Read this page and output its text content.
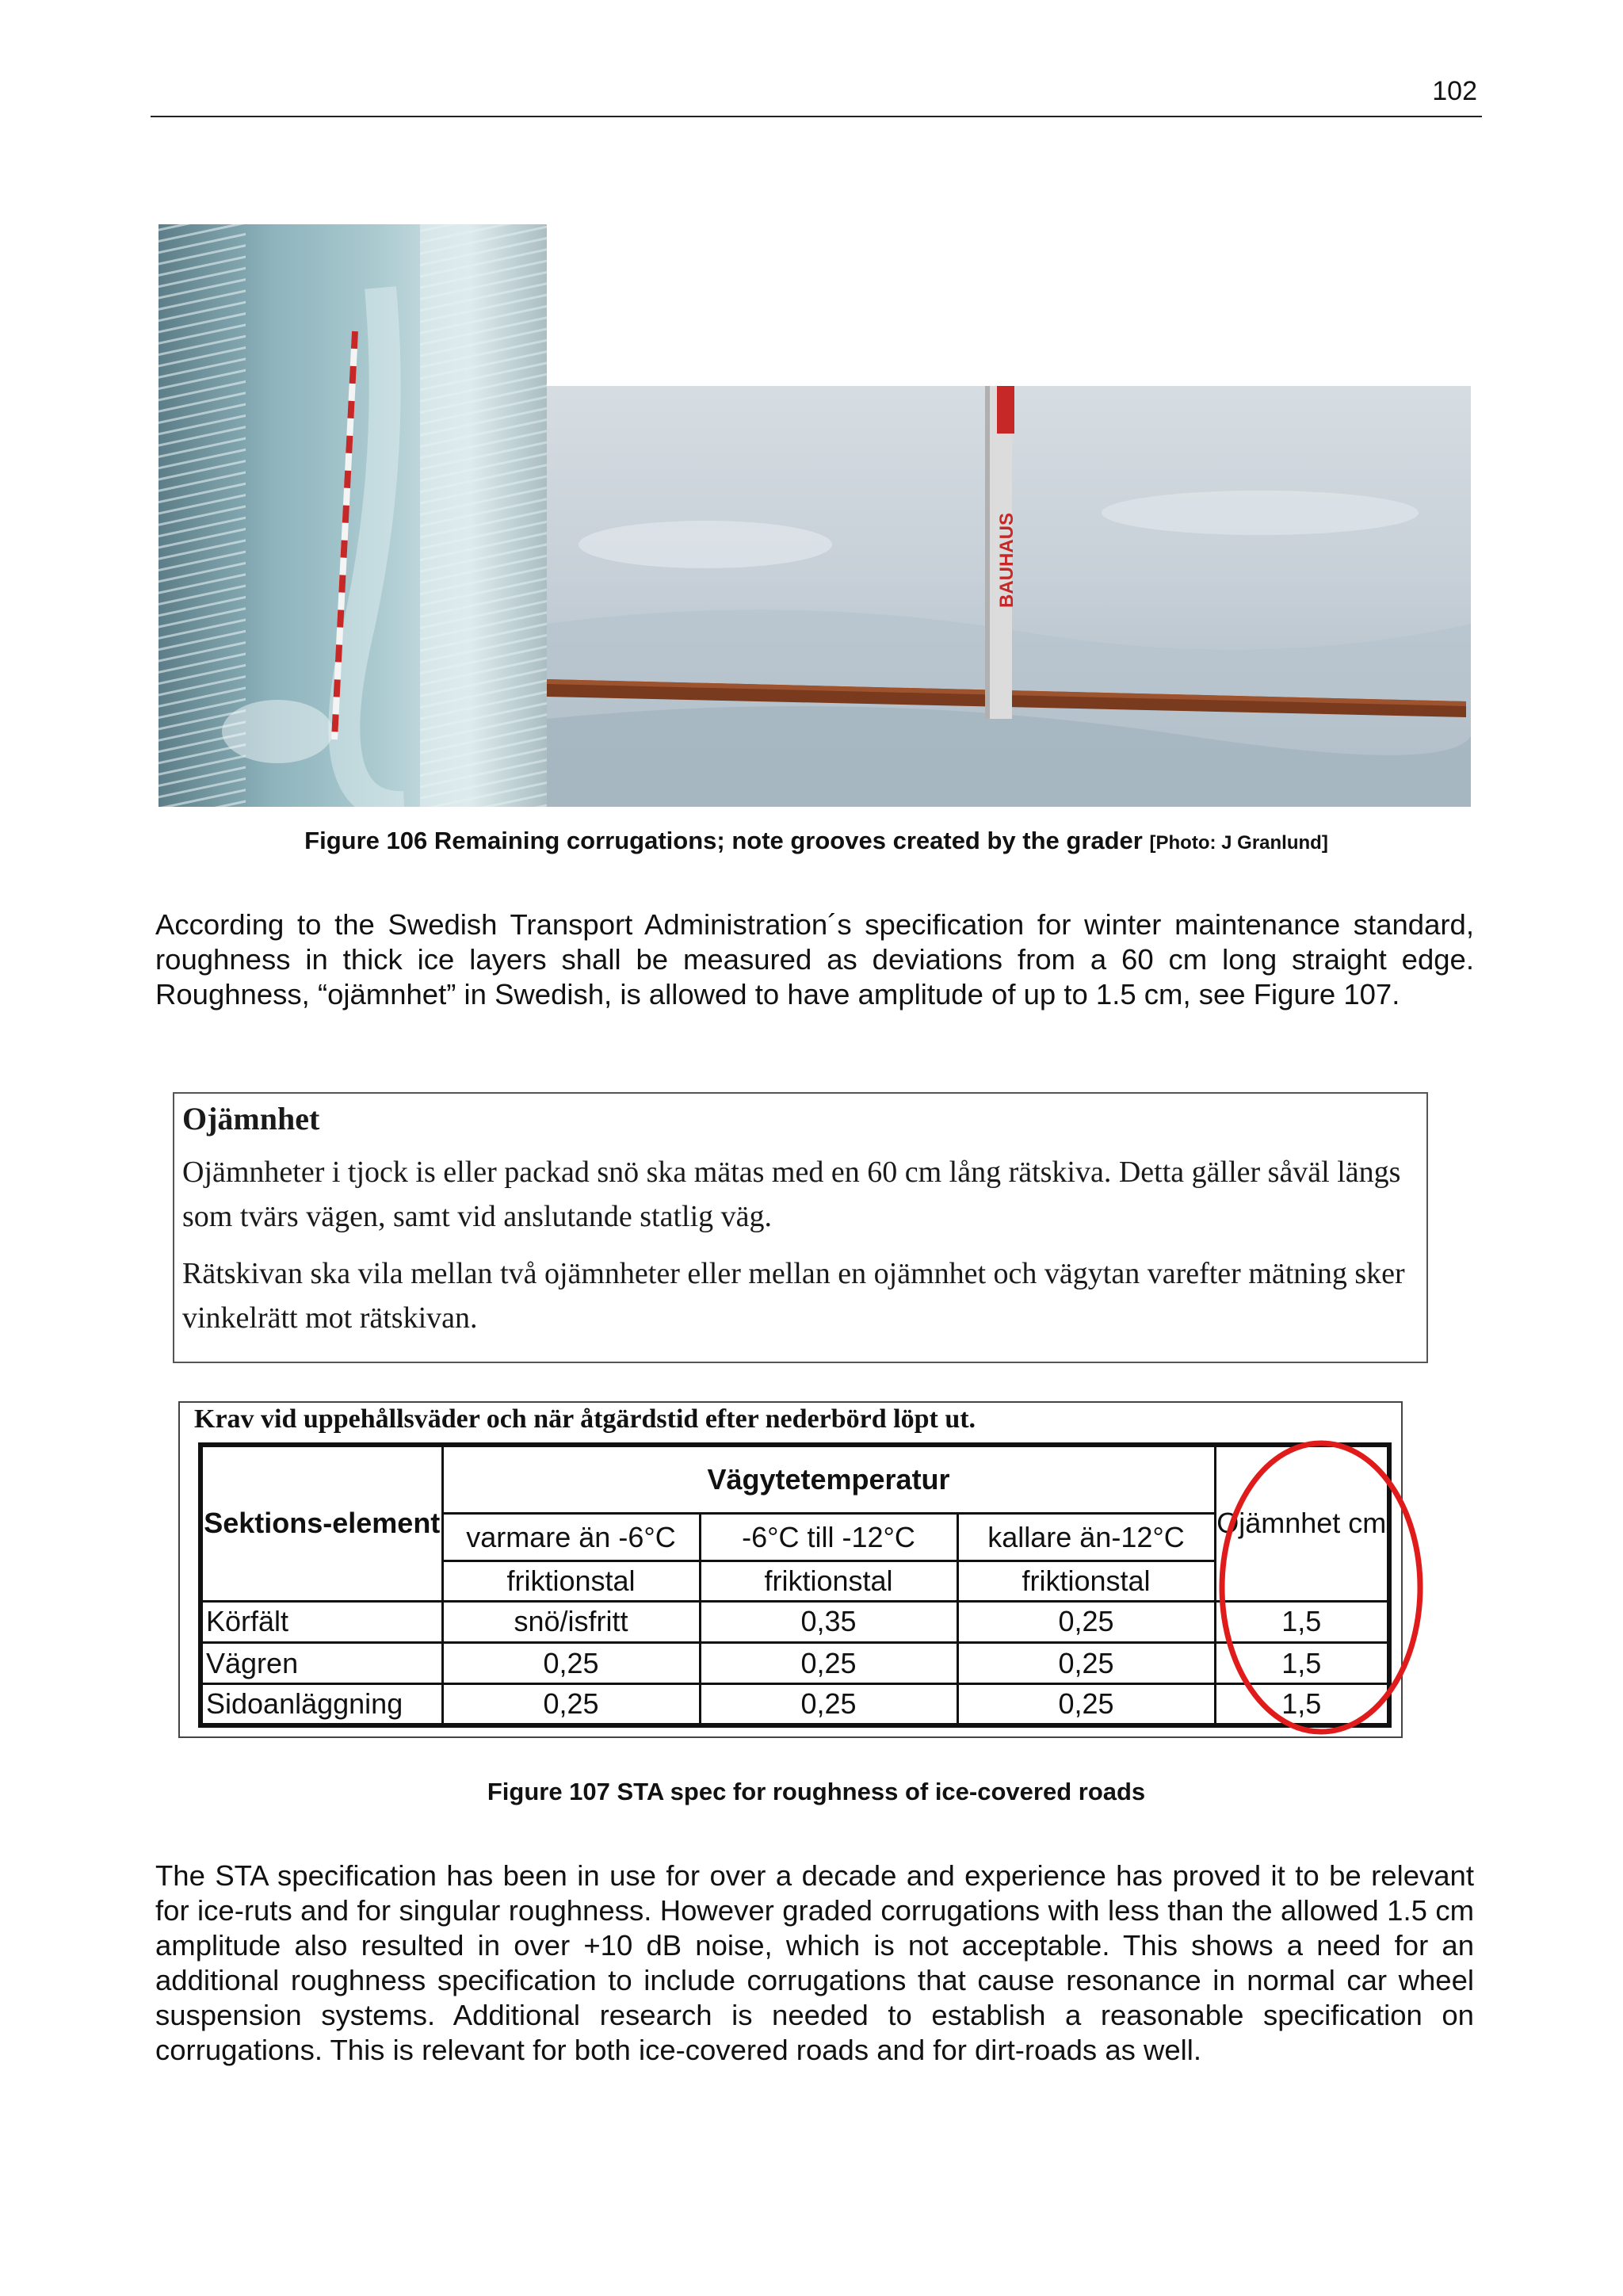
102
BAUHAUS
Figure 106 Remaining corrugations; note grooves created by the grader [Photo: J Granlund]
According to the Swedish Transport Administration´s specification for winter maintenance standard, roughness in thick ice layers shall be measured as deviations from a 60 cm long straight edge. Roughness, “ojämnhet” in Swedish, is allowed to have amplitude of up to 1.5 cm, see Figure 107.

Ojämnhet

Ojämnheter i tjock is eller packad snö ska mätas med en 60 cm lång rätskiva. Detta gäller såväl längs som tvärs vägen, samt vid anslutande statlig väg.

Rätskivan ska vila mellan två ojämnheter eller mellan en ojämnhet och vägytan varefter mätning sker vinkelrätt mot rätskivan.

Krav vid uppehållsväder och när åtgärdstid efter nederbörd löpt ut.
Sektions-element	Vägytetemperatur			Ojämnhet cm
	varmare än -6°C	-6°C till -12°C	kallare än-12°C	
	friktionstal	friktionstal	friktionstal	
Körfält	snö/isfritt	0,35	0,25	1,5
Vägren	0,25	0,25	0,25	1,5
Sidoanläggning	0,25	0,25	0,25	1,5
Figure 107 STA spec for roughness of ice-covered roads
The STA specification has been in use for over a decade and experience has proved it to be relevant for ice-ruts and for singular roughness. However graded corrugations with less than the allowed 1.5 cm amplitude also resulted in over +10 dB noise, which is not acceptable. This shows a need for an additional roughness specification to include corrugations that cause resonance in normal car wheel suspension systems. Additional research is needed to establish a reasonable specification on corrugations. This is relevant for both ice-covered roads and for dirt-roads as well.
